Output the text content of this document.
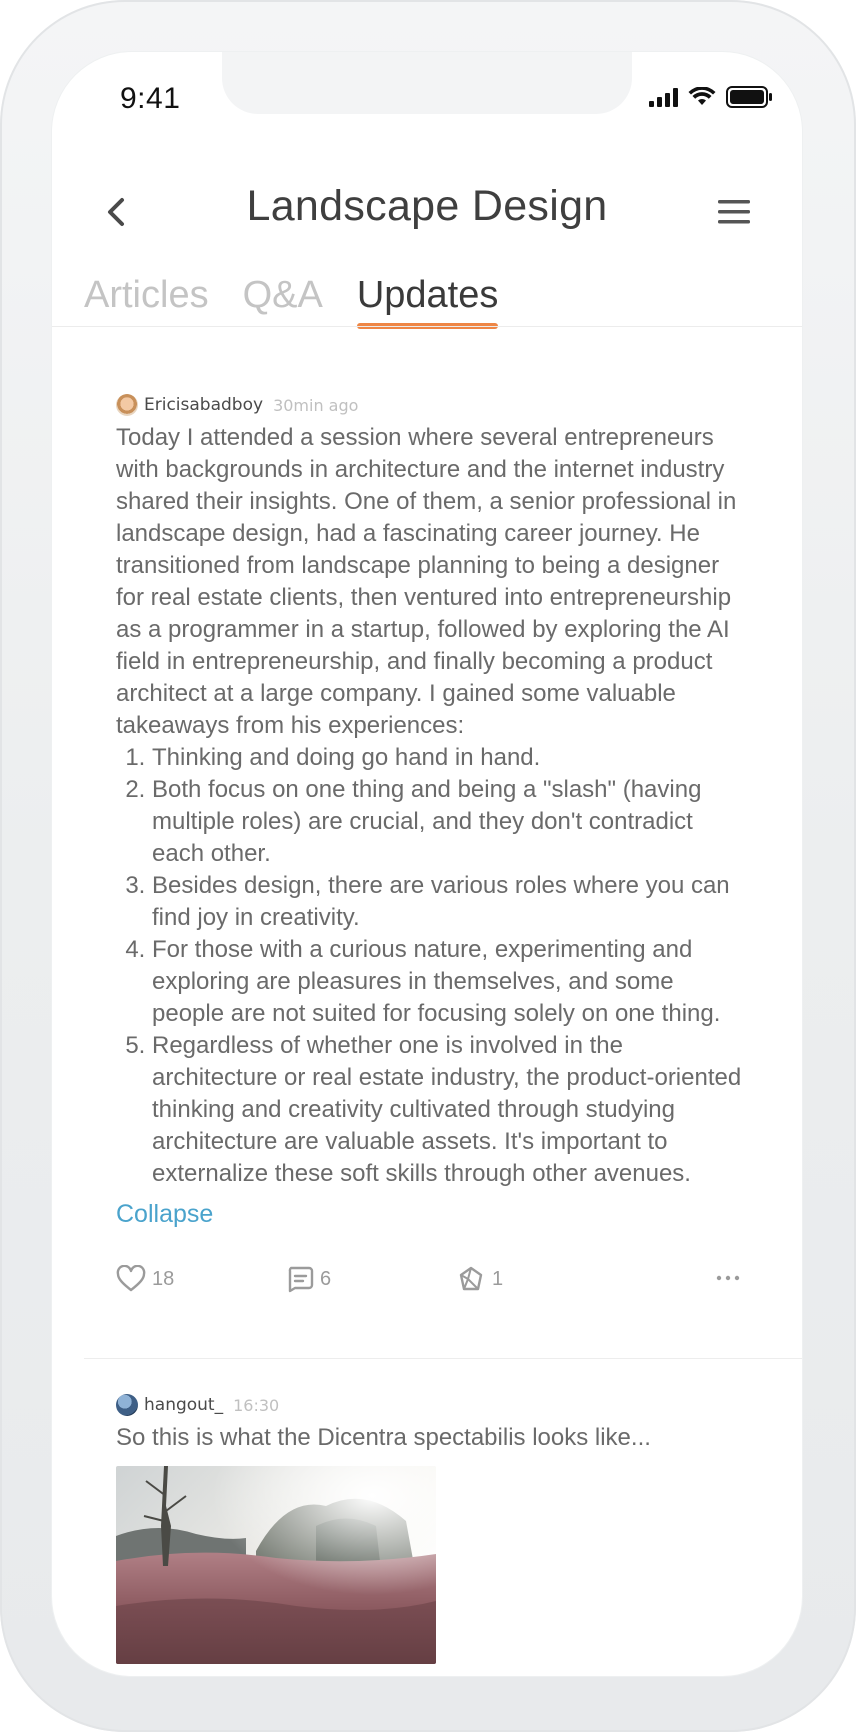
9:41
Landscape Design
Articles Q&A Updates
Ericisabadboy 30min ago

Today I attended a session where several entrepreneurs with backgrounds in architecture and the internet industry shared their insights. One of them, a senior professional in landscape design, had a fascinating career journey. He transitioned from landscape planning to being a designer for real estate clients, then ventured into entrepreneurship as a programmer in a startup, followed by exploring the AI field in entrepreneurship, and finally becoming a product architect at a large company. I gained some valuable takeaways from his experiences:

1. Thinking and doing go hand in hand.
2. Both focus on one thing and being a "slash" (having multiple roles) are crucial, and they don't contradict each other.
3. Besides design, there are various roles where you can find joy in creativity.
4. For those with a curious nature, experimenting and exploring are pleasures in themselves, and some people are not suited for focusing solely on one thing.
5. Regardless of whether one is involved in the architecture or real estate industry, the product-oriented thinking and creativity cultivated through studying architecture are valuable assets. It's important to externalize these soft skills through other avenues.
Collapse
18	6	1
hangout_ 16:30
So this is what the Dicentra spectabilis looks like...
